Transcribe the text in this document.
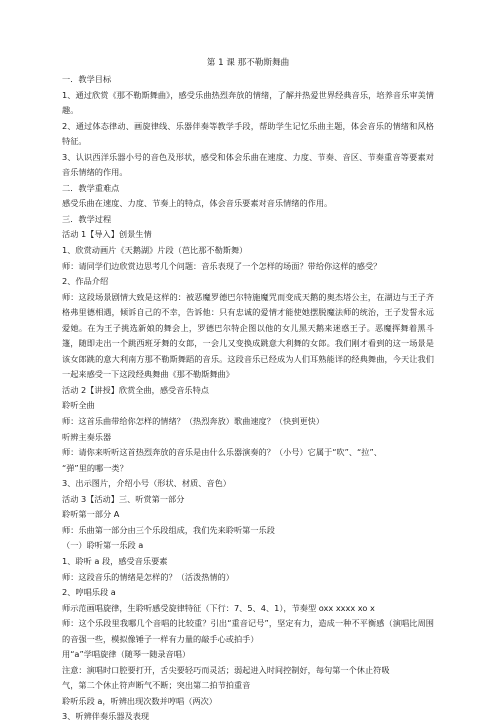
第 1 课 那不勒斯舞曲
一．教学目标
1、通过欣赏《那不勒斯舞曲》，感受乐曲热烈奔放的情绪，了解并热爱世界经典音乐，培养音乐审美情趣。
2、通过体态律动、画旋律线、乐器伴奏等教学手段，帮助学生记忆乐曲主题，体会音乐的情绪和风格特征。
3、认识西洋乐器小号的音色及形状，感受和体会乐曲在速度、力度、节奏、音区、节奏重音等要素对音乐情绪的作用。
二．教学重难点
感受乐曲在速度、力度、节奏上的特点，体会音乐要素对音乐情绪的作用。
三．教学过程
活动 1【导入】创景生情
1、欣赏动画片《天鹅湖》片段（芭比那不勒斯舞）
师：请同学们边欣赏边思考几个问题：音乐表现了一个怎样的场面？带给你这样的感受？
2、作品介绍
师：这段场景剧情大致是这样的：被恶魔罗德巴尔特施魔咒而变成天鹅的奥杰塔公主，在湖边与王子齐格弗里德相遇，倾诉自己的不幸，告诉他：只有忠诚的爱情才能使她摆脱魔法师的统治，王子发誓永远爱她。在为王子挑选新娘的舞会上，罗德巴尔特企图以他的女儿黑天鹅来迷惑王子。恶魔挥舞着黑斗篷，随即走出一个跳西班牙舞的女郎，一会儿又变换成跳意大利舞的女郎。我们刚才看到的这一场景是该女郎跳的意大利南方那不勒斯舞蹈的音乐。这段音乐已经成为人们耳熟能详的经典舞曲，今天让我们一起来感受一下这段经典舞曲《那不勒斯舞曲》
活动 2【讲授】欣赏全曲，感受音乐特点
聆听全曲
师：这首乐曲带给你怎样的情绪？（热烈奔放）歌曲速度？（快到更快）
听辨主奏乐器
师：请你来听听这首热烈奔放的音乐是由什么乐器演奏的？（小号）它属于“吹”、“拉”、
“弹”里的哪一类？
3、出示图片，介绍小号（形状、材质、音色）
活动 3【活动】三、听赏第一部分
聆听第一部分 A
师：乐曲第一部分由三个乐段组成，我们先来聆听第一乐段
（一）聆听第一乐段 a
1、聆听 a 段，感受音乐要素
师：这段音乐的情绪是怎样的？（活泼热情的）
2、哼唱乐段 a
师示范画唱旋律，生聆听感受旋律特征（下行：7、5、4、1），节奏型 oxx xxxx xo x
师：这个乐段里我哪几个音唱的比较重？引出“重音记号”，坚定有力，造成一种不平衡感（演唱比周围的音强一些，模拟像锤子一样有力量的敲手心或拍手）
用“a”学唱旋律（随琴一随录音唱）
注意：演唱时口腔要打开，舌尖要轻巧而灵活；弱起进入时间控制好，每句第一个休止符吸
气，第二个休止符声断气不断；突出第二拍节拍重音
聆听乐段 a，听辨出现次数并哼唱（两次）
3、听辨伴奏乐器及表现
